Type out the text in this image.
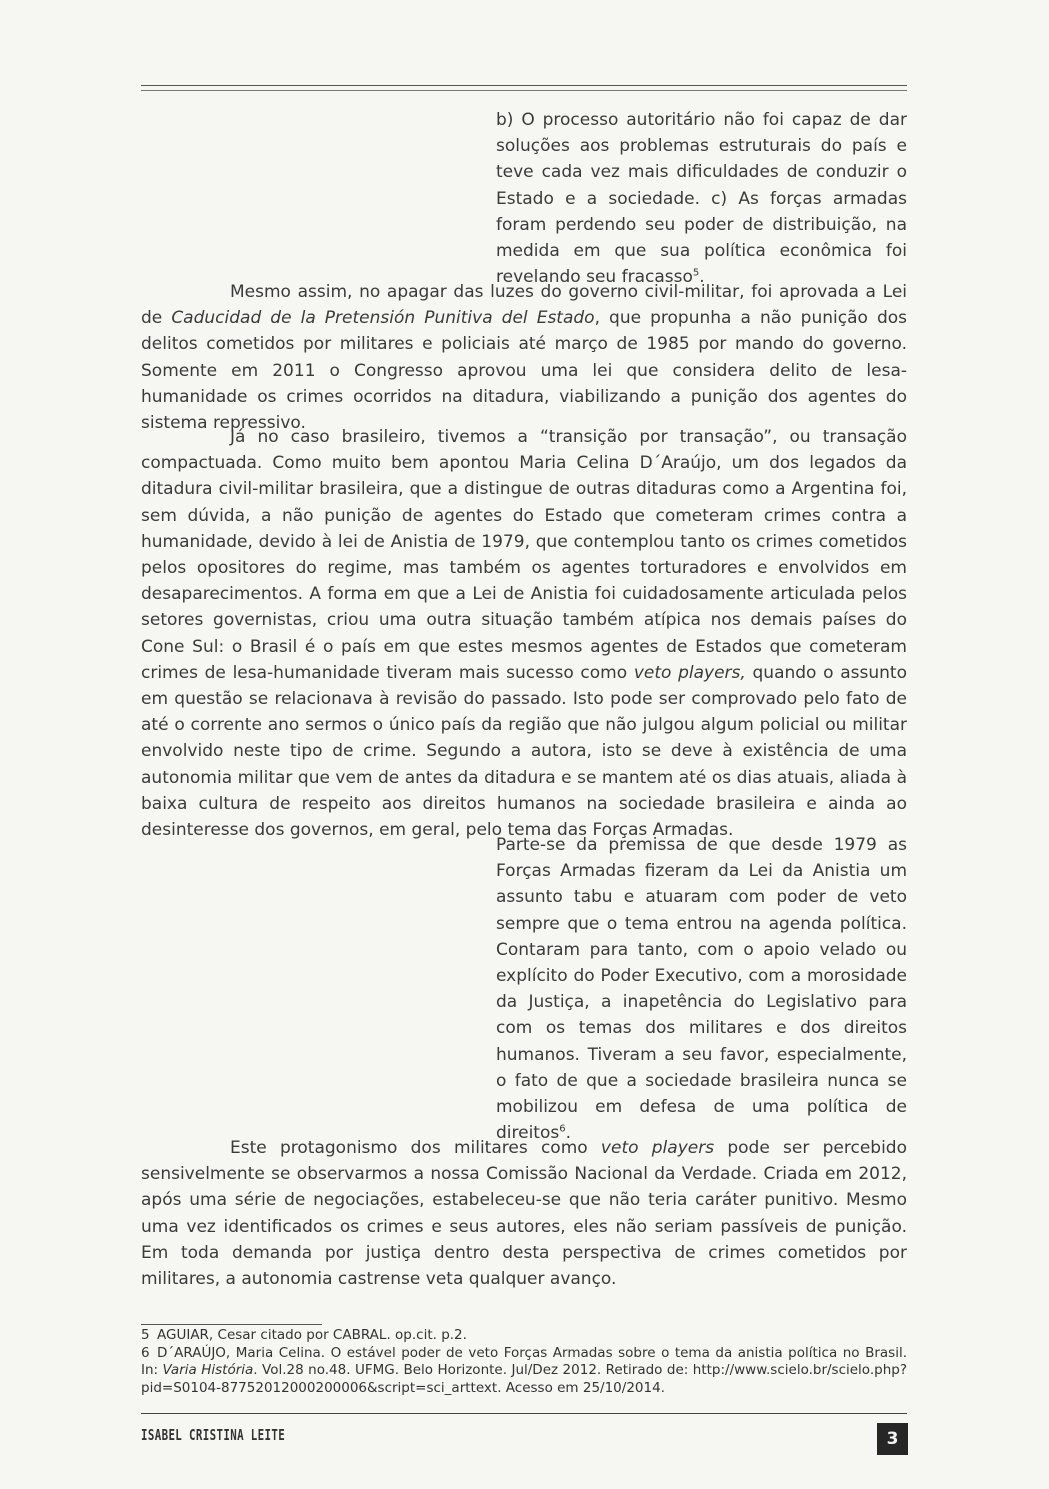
b) O processo autoritário não foi capaz de dar soluções aos problemas estruturais do país e teve cada vez mais dificuldades de conduzir o Estado e a sociedade. c) As forças armadas foram perdendo seu poder de distribuição, na medida em que sua política econômica foi revelando seu fracasso$^5$.

Mesmo assim, no apagar das luzes do governo civil-militar, foi aprovada a Lei de Caducidad de la Pretensión Punitiva del Estado, que propunha a não punição dos delitos cometidos por militares e policiais até março de 1985 por mando do governo. Somente em 2011 o Congresso aprovou uma lei que considera delito de lesa-humanidade os crimes ocorridos na ditadura, viabilizando a punição dos agentes do sistema repressivo.

Já no caso brasileiro, tivemos a “transição por transação”, ou transação compactuada. Como muito bem apontou Maria Celina D´Araújo, um dos legados da ditadura civil-militar brasileira, que a distingue de outras ditaduras como a Argentina foi, sem dúvida, a não punição de agentes do Estado que cometeram crimes contra a humanidade, devido à lei de Anistia de 1979, que contemplou tanto os crimes cometidos pelos opositores do regime, mas também os agentes torturadores e envolvidos em desaparecimentos. A forma em que a Lei de Anistia foi cuidadosamente articulada pelos setores governistas, criou uma outra situação também atípica nos demais países do Cone Sul: o Brasil é o país em que estes mesmos agentes de Estados que cometeram crimes de lesa-humanidade tiveram mais sucesso como veto players, quando o assunto em questão se relacionava à revisão do passado. Isto pode ser comprovado pelo fato de até o corrente ano sermos o único país da região que não julgou algum policial ou militar envolvido neste tipo de crime. Segundo a autora, isto se deve à existência de uma autonomia militar que vem de antes da ditadura e se mantem até os dias atuais, aliada à baixa cultura de respeito aos direitos humanos na sociedade brasileira e ainda ao desinteresse dos governos, em geral, pelo tema das Forças Armadas.

Parte-se da premissa de que desde 1979 as Forças Armadas fizeram da Lei da Anistia um assunto tabu e atuaram com poder de veto sempre que o tema entrou na agenda política. Contaram para tanto, com o apoio velado ou explícito do Poder Executivo, com a morosidade da Justiça, a inapetência do Legislativo para com os temas dos militares e dos direitos humanos. Tiveram a seu favor, especialmente, o fato de que a sociedade brasileira nunca se mobilizou em defesa de uma política de direitos$^6$.

Este protagonismo dos militares como veto players pode ser percebido sensivelmente se observarmos a nossa Comissão Nacional da Verdade. Criada em 2012, após uma série de negociações, estabeleceu-se que não teria caráter punitivo. Mesmo uma vez identificados os crimes e seus autores, eles não seriam passíveis de punição. Em toda demanda por justiça dentro desta perspectiva de crimes cometidos por militares, a autonomia castrense veta qualquer avanço.

5 AGUIAR, Cesar citado por CABRAL. op.cit. p.2.

6 D´ARAÚJO, Maria Celina. O estável poder de veto Forças Armadas sobre o tema da anistia política no Brasil. In: Varia História. Vol.28 no.48. UFMG. Belo Horizonte. Jul/Dez 2012. Retirado de: http://www.scielo.br/scielo.php?pid=S0104-87752012000200006&script=sci_arttext. Acesso em 25/10/2014.

ISABEL CRISTINA LEITE	3
